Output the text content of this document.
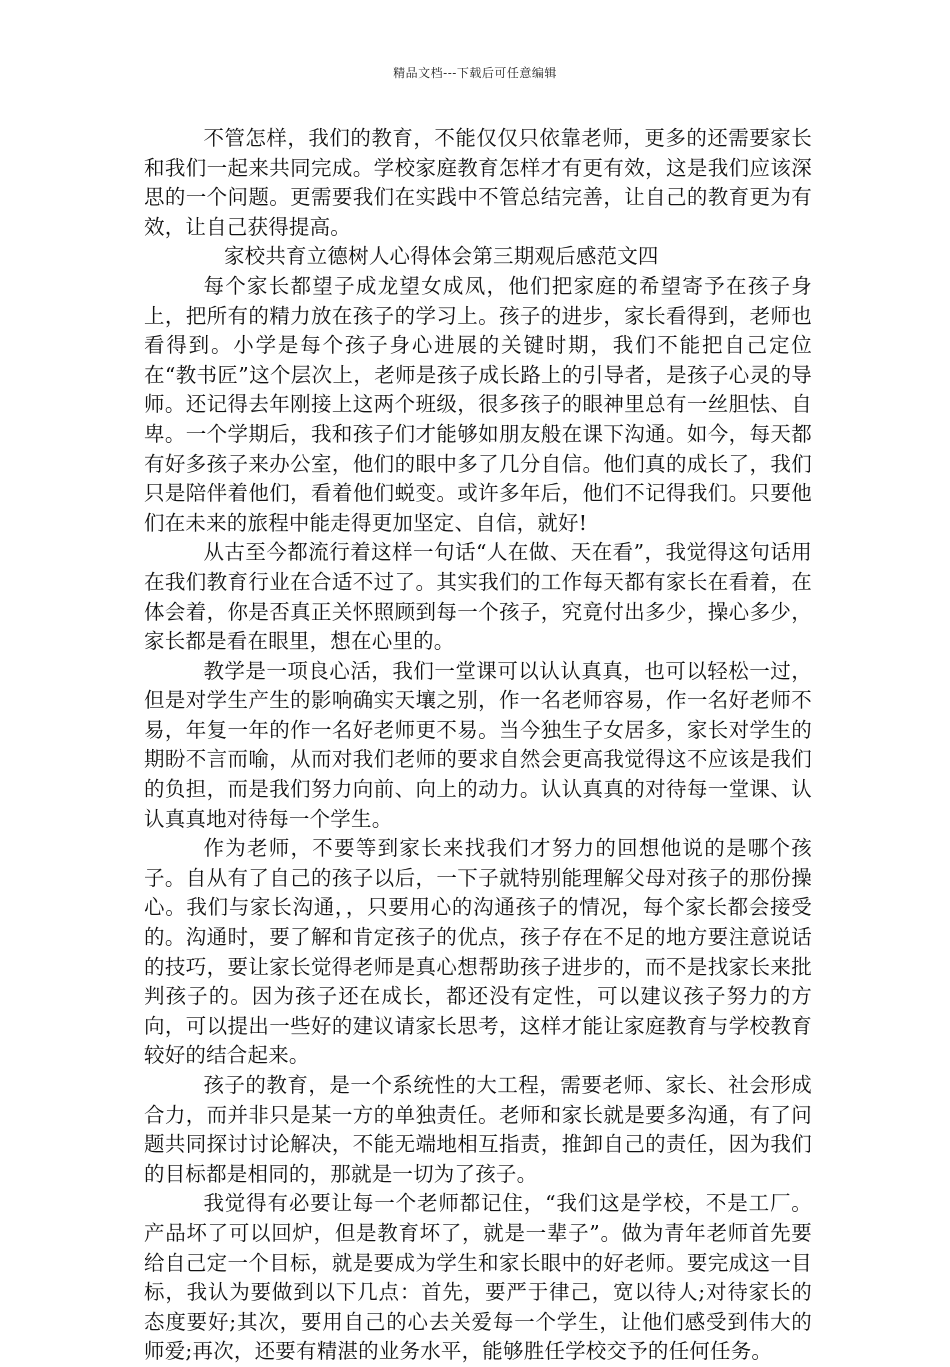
精品文档---下载后可任意编辑

不管怎样，我们的教育，不能仅仅只依靠老师，更多的还需要家长和我们一起来共同完成。学校家庭教育怎样才有更有效，这是我们应该深思的一个问题。更需要我们在实践中不管总结完善，让自己的教育更为有效，让自己获得提高。

家校共育立德树人心得体会第三期观后感范文四

每个家长都望子成龙望女成凤，他们把家庭的希望寄予在孩子身上，把所有的精力放在孩子的学习上。孩子的进步，家长看得到，老师也看得到。小学是每个孩子身心进展的关键时期，我们不能把自己定位在“教书匠”这个层次上，老师是孩子成长路上的引导者，是孩子心灵的导师。还记得去年刚接上这两个班级，很多孩子的眼神里总有一丝胆怯、自卑。一个学期后，我和孩子们才能够如朋友般在课下沟通。如今，每天都有好多孩子来办公室，他们的眼中多了几分自信。他们真的成长了，我们只是陪伴着他们，看着他们蜕变。或许多年后，他们不记得我们。只要他们在未来的旅程中能走得更加坚定、自信，就好!

从古至今都流行着这样一句话“人在做、天在看”，我觉得这句话用在我们教育行业在合适不过了。其实我们的工作每天都有家长在看着，在体会着，你是否真正关怀照顾到每一个孩子，究竟付出多少，操心多少，家长都是看在眼里，想在心里的。

教学是一项良心活，我们一堂课可以认认真真，也可以轻松一过，但是对学生产生的影响确实天壤之别，作一名老师容易，作一名好老师不易，年复一年的作一名好老师更不易。当今独生子女居多，家长对学生的期盼不言而喻，从而对我们老师的要求自然会更高我觉得这不应该是我们的负担，而是我们努力向前、向上的动力。认认真真的对待每一堂课、认认真真地对待每一个学生。

作为老师，不要等到家长来找我们才努力的回想他说的是哪个孩子。自从有了自己的孩子以后，一下子就特别能理解父母对孩子的那份操心。我们与家长沟通，，只要用心的沟通孩子的情况，每个家长都会接受的。沟通时，要了解和肯定孩子的优点，孩子存在不足的地方要注意说话的技巧，要让家长觉得老师是真心想帮助孩子进步的，而不是找家长来批判孩子的。因为孩子还在成长，都还没有定性，可以建议孩子努力的方向，可以提出一些好的建议请家长思考，这样才能让家庭教育与学校教育较好的结合起来。

孩子的教育，是一个系统性的大工程，需要老师、家长、社会形成合力，而并非只是某一方的单独责任。老师和家长就是要多沟通，有了问题共同探讨讨论解决，不能无端地相互指责，推卸自己的责任，因为我们的目标都是相同的，那就是一切为了孩子。

我觉得有必要让每一个老师都记住，“我们这是学校，不是工厂。产品坏了可以回炉，但是教育坏了，就是一辈子”。做为青年老师首先要给自己定一个目标，就是要成为学生和家长眼中的好老师。要完成这一目标，我认为要做到以下几点：首先，要严于律己，宽以待人;对待家长的态度要好;其次，要用自己的心去关爱每一个学生，让他们感受到伟大的师爱;再次，还要有精湛的业务水平，能够胜任学校交予的任何任务。
